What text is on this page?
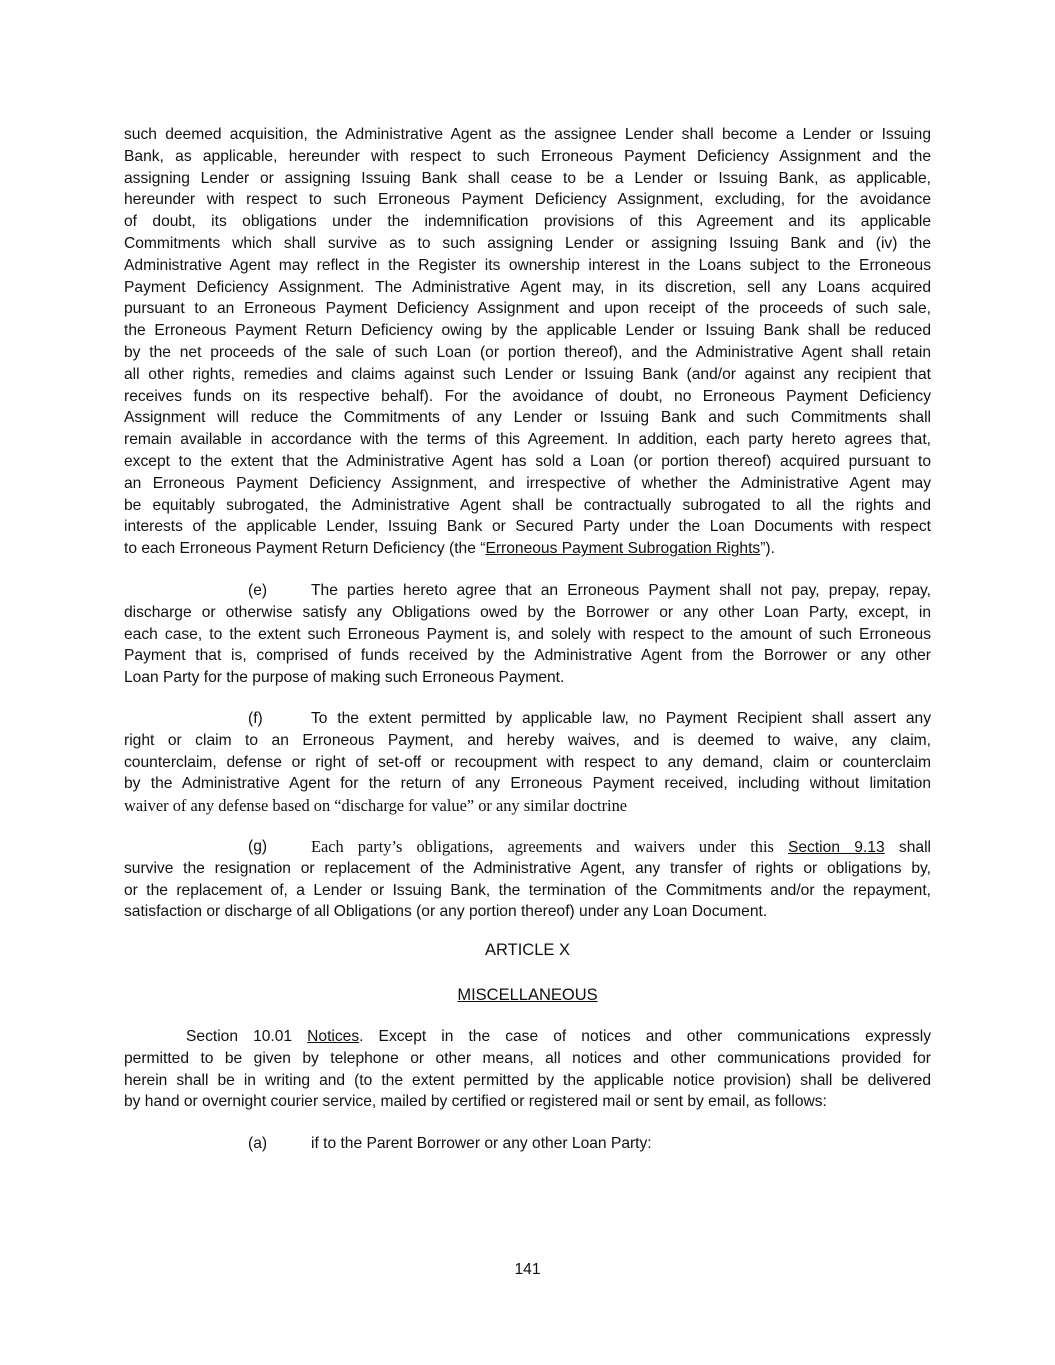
such deemed acquisition, the Administrative Agent as the assignee Lender shall become a Lender or Issuing
Bank, as applicable, hereunder with respect to such Erroneous Payment Deficiency Assignment and the
assigning Lender or assigning Issuing Bank shall cease to be a Lender or Issuing Bank, as applicable,
hereunder with respect to such Erroneous Payment Deficiency Assignment, excluding, for the avoidance
of doubt, its obligations under the indemnification provisions of this Agreement and its applicable
Commitments which shall survive as to such assigning Lender or assigning Issuing Bank and (iv) the
Administrative Agent may reflect in the Register its ownership interest in the Loans subject to the Erroneous
Payment Deficiency Assignment. The Administrative Agent may, in its discretion, sell any Loans acquired
pursuant to an Erroneous Payment Deficiency Assignment and upon receipt of the proceeds of such sale,
the Erroneous Payment Return Deficiency owing by the applicable Lender or Issuing Bank shall be reduced
by the net proceeds of the sale of such Loan (or portion thereof), and the Administrative Agent shall retain
all other rights, remedies and claims against such Lender or Issuing Bank (and/or against any recipient that
receives funds on its respective behalf). For the avoidance of doubt, no Erroneous Payment Deficiency
Assignment will reduce the Commitments of any Lender or Issuing Bank and such Commitments shall
remain available in accordance with the terms of this Agreement. In addition, each party hereto agrees that,
except to the extent that the Administrative Agent has sold a Loan (or portion thereof) acquired pursuant to
an Erroneous Payment Deficiency Assignment, and irrespective of whether the Administrative Agent may
be equitably subrogated, the Administrative Agent shall be contractually subrogated to all the rights and
interests of the applicable Lender, Issuing Bank or Secured Party under the Loan Documents with respect
to each Erroneous Payment Return Deficiency (the “Erroneous Payment Subrogation Rights”).
(e)	The parties hereto agree that an Erroneous Payment shall not pay, prepay, repay,
discharge or otherwise satisfy any Obligations owed by the Borrower or any other Loan Party, except, in
each case, to the extent such Erroneous Payment is, and solely with respect to the amount of such Erroneous
Payment that is, comprised of funds received by the Administrative Agent from the Borrower or any other
Loan Party for the purpose of making such Erroneous Payment.
(f)	To the extent permitted by applicable law, no Payment Recipient shall assert any
right or claim to an Erroneous Payment, and hereby waives, and is deemed to waive, any claim,
counterclaim, defense or right of set-off or recoupment with respect to any demand, claim or counterclaim
by the Administrative Agent for the return of any Erroneous Payment received, including without limitation
waiver of any defense based on “discharge for value” or any similar doctrine
(g)	Each party’s obligations, agreements and waivers under this Section 9.13 shall
survive the resignation or replacement of the Administrative Agent, any transfer of rights or obligations by,
or the replacement of, a Lender or Issuing Bank, the termination of the Commitments and/or the repayment,
satisfaction or discharge of all Obligations (or any portion thereof) under any Loan Document.
ARTICLE X
MISCELLANEOUS
Section 10.01 Notices. Except in the case of notices and other communications expressly
permitted to be given by telephone or other means, all notices and other communications provided for
herein shall be in writing and (to the extent permitted by the applicable notice provision) shall be delivered
by hand or overnight courier service, mailed by certified or registered mail or sent by email, as follows:
(a)	if to the Parent Borrower or any other Loan Party:
141
